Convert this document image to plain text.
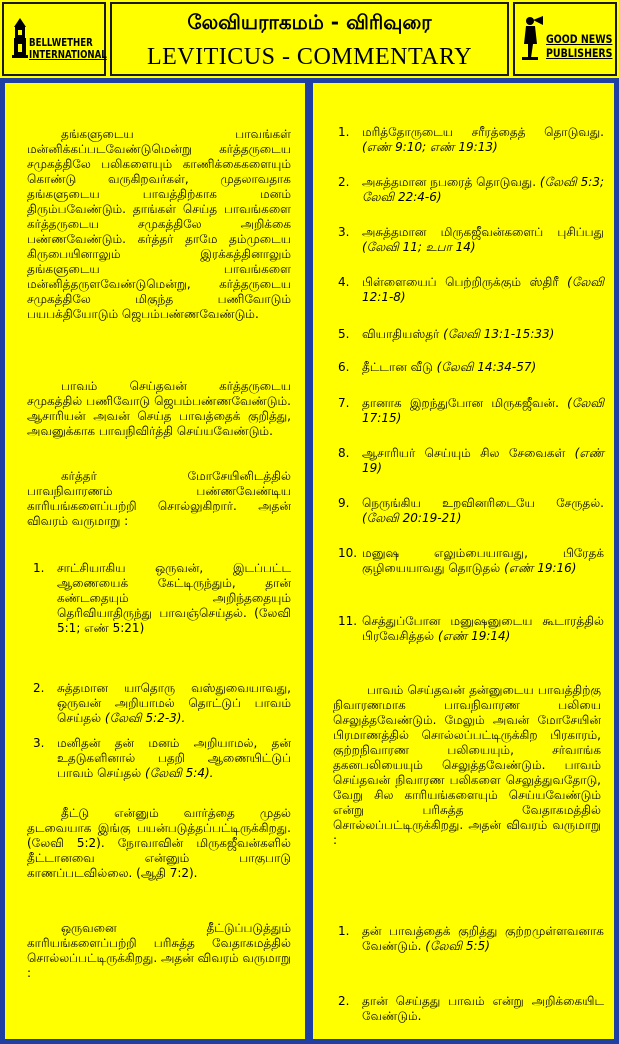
BELLWETHER
INTERNATIONAL
லேவியராகமம் - விரிவுரை
LEVITICUS - COMMENTARY
GOOD NEWS
PUBLISHERS
தங்களுடைய பாவங்கள் மன்னிக்கப்படவேண்டுமென்று கர்த்தருடைய சமுகத்திலே பலிகளையும் காணிக்கைகளையும் கொண்டு வருகிறவர்கள், முதலாவதாக தங்களுடைய பாவத்திற்காக மனம் திரும்பவேண்டும். தாங்கள் செய்த பாவங்களை கர்த்தருடைய சமுகத்திலே அறிக்கை பண்ணவேண்டும். கர்த்தர் தாமே தம்முடைய கிருபையினாலும் இரக்கத்தினாலும் தங்களுடைய பாவங்களை மன்னித்தருளவேண்டுமென்று, கர்த்தருடைய சமுகத்திலே மிகுந்த பணிவோடும் பயபக்தியோடும் ஜெபம்பண்ணவேண்டும்.
பாவம் செய்தவன் கர்த்தருடைய சமுகத்தில் பணிவோடு ஜெபம்பண்ணவேண்டும். ஆசாரியன் அவன் செய்த பாவத்தைக் குறித்து, அவனுக்காக பாவநிவிர்த்தி செய்யவேண்டும்.
கர்த்தர் மோசேயினிடத்தில் பாவநிவாரணம் பண்ணவேண்டிய காரியங்களைப்பற்றி சொல்லுகிறார். அதன் விவரம் வருமாறு :
1. சாட்சியாகிய ஒருவன், இடப்பட்ட ஆணையைக் கேட்டிருந்தும், தான் கண்டதையும் அறிந்ததையும் தெரிவியாதிருந்து பாவஞ்செய்தல். (லேவி 5:1; எண் 5:21)
2. சுத்தமான யாதொரு வஸ்துவையாவது, ஒருவன் அறியாமல் தொட்டுப் பாவம் செய்தல் (லேவி 5:2-3).
3. மனிதன் தன் மனம் அறியாமல், தன் உதடுகளினால் பதறி ஆணையிட்டுப் பாவம் செய்தல் (லேவி 5:4).
தீட்டு என்னும் வார்த்தை முதல் தடவையாக இங்கு பயன்படுத்தப்பட்டிருக்கிறது. (லேவி 5:2). நோவாவின் மிருகஜீவன்களில் தீட்டானவை என்னும் பாகுபாடு காணப்படவில்லை. (ஆதி 7:2).
ஒருவனை தீட்டுப்படுத்தும் காரியங்களைப்பற்றி பரிசுத்த வேதாகமத்தில் சொல்லப்பட்டிருக்கிறது. அதன் விவரம் வருமாறு :
1. மரித்தோருடைய சரீரத்தைத் தொடுவது. (எண் 9:10; எண் 19:13)
2. அசுத்தமான நபரைத் தொடுவது. (லேவி 5:3; லேவி 22:4-6)
3. அசுத்தமான மிருகஜீவன்களைப் புசிப்பது (லேவி 11; உபா 14)
4. பிள்ளையைப் பெற்றிருக்கும் ஸ்திரீ (லேவி 12:1-8)
5. வியாதியஸ்தர் (லேவி 13:1-15:33)
6. தீட்டான வீடு (லேவி 14:34-57)
7. தானாக இறந்துபோன மிருகஜீவன். (லேவி 17:15)
8. ஆசாரியர் செய்யும் சில சேவைகள் (எண் 19)
9. நெருங்கிய உறவினரிடையே சேருதல். (லேவி 20:19-21)
10. மனுஷ எலும்பையாவது, பிரேதக் குழியையாவது தொடுதல் (எண் 19:16)
11. செத்துப்போன மனுஷனுடைய கூடாரத்தில் பிரவேசித்தல் (எண் 19:14)
பாவம் செய்தவன் தன்னுடைய பாவத்திற்கு நிவாரணமாக பாவநிவாரண பலியை செலுத்தவேண்டும். மேலும் அவன் மோசேயின் பிரமாணத்தில் சொல்லப்பட்டிருக்கிற பிரகாரம், குற்றநிவாரண பலியையும், சர்வாங்க தகனபலியையும் செலுத்தவேண்டும். பாவம் செய்தவன் நிவாரண பலிகளை செலுத்துவதோடு, வேறு சில காரியங்களையும் செய்யவேண்டும் என்று பரிசுத்த வேதாகமத்தில் சொல்லப்பட்டிருக்கிறது. அதன் விவரம் வருமாறு :
1. தன் பாவத்தைக் குறித்து குற்றமுள்ளவனாக வேண்டும். (லேவி 5:5)
2. தான் செய்தது பாவம் என்று அறிக்கையிட வேண்டும்.
